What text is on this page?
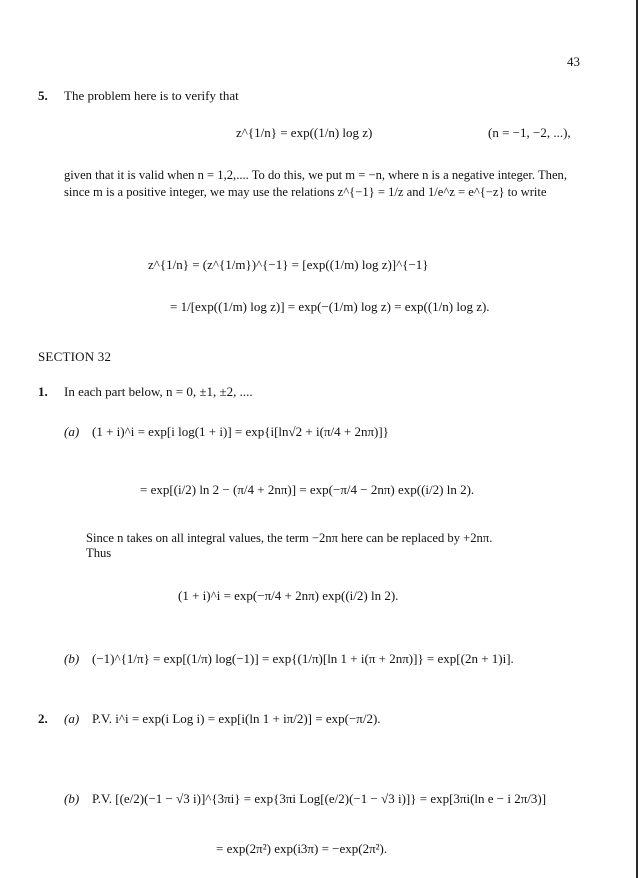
43
5. The problem here is to verify that
z^{1/n} = exp((1/n) log z)	(n = −1, −2, ...),
given that it is valid when n = 1,2,.... To do this, we put m = −n, where n is a negative integer. Then, since m is a positive integer, we may use the relations z^{−1} = 1/z and 1/e^z = e^{−z} to write
z^{1/n} = (z^{1/m})^{−1} = [exp((1/m) log z)]^{−1}
= 1/[exp((1/m) log z)] = exp(−(1/m) log z) = exp((1/n) log z).
SECTION 32
1. In each part below, n = 0, ±1, ±2, ....
(a) (1 + i)^i = exp[i log(1 + i)] = exp{i[ln√2 + i(π/4 + 2nπ)]}
= exp[(i/2) ln 2 − (π/4 + 2nπ)] = exp(−π/4 − 2nπ) exp((i/2) ln 2).
Since n takes on all integral values, the term −2nπ here can be replaced by +2nπ.
Thus
(1 + i)^i = exp(−π/4 + 2nπ) exp((i/2) ln 2).
(b) (−1)^{1/π} = exp[(1/π) log(−1)] = exp{(1/π)[ln 1 + i(π + 2nπ)]} = exp[(2n + 1)i].
2. (a) P.V. i^i = exp(i Log i) = exp[i(ln 1 + iπ/2)] = exp(−π/2).
(b) P.V. [(e/2)(−1 − √3 i)]^{3πi} = exp{3πi Log[(e/2)(−1 − √3 i)]} = exp[3πi(ln e − i 2π/3)]
= exp(2π²) exp(i3π) = −exp(2π²).
